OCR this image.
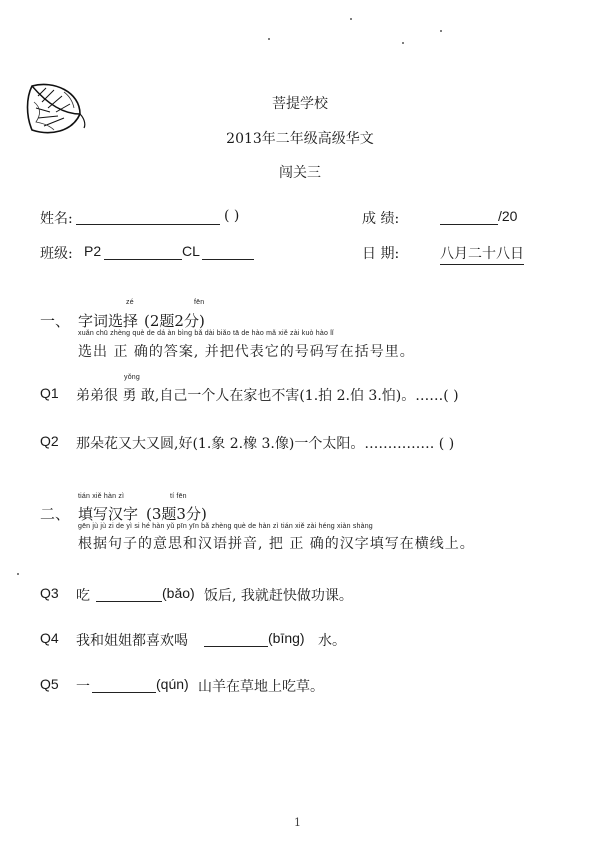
菩提学校
2013年二年级高级华文
闯关三
姓名:	( )	成 绩:	/20
班级: P2	CL	日 期:	八月二十八日
zé	fēn
一、 字词选择 (2题2分)
xuǎn chū zhèng què de dá àn bìng bǎ dài biǎo tā de hào mǎ xiě zài kuò hào lǐ
选出 正 确的答案, 并把代表它的号码写在括号里。
yǒng
Q1 弟弟很 勇 敢,自己一个人在家也不害(1.拍 2.伯 3.怕)。……( )
Q2 那朵花又大又圆,好(1.象 2.橡 3.像)一个太阳。…………… ( )
tián xiě hàn zì	tí fēn
二、 填写汉字 (3题3分)
gēn jù jù zi de yì si hé hàn yǔ pīn yīn bǎ zhèng què de hàn zì tián xiě zài héng xiàn shàng
根据句子的意思和汉语拼音, 把 正 确的汉字填写在横线上。
Q3 吃	(bǎo) 饭后, 我就赶快做功课。
Q4 我和姐姐都喜欢喝	(bīng) 水。
Q5 一	(qún) 山羊在草地上吃草。
1
